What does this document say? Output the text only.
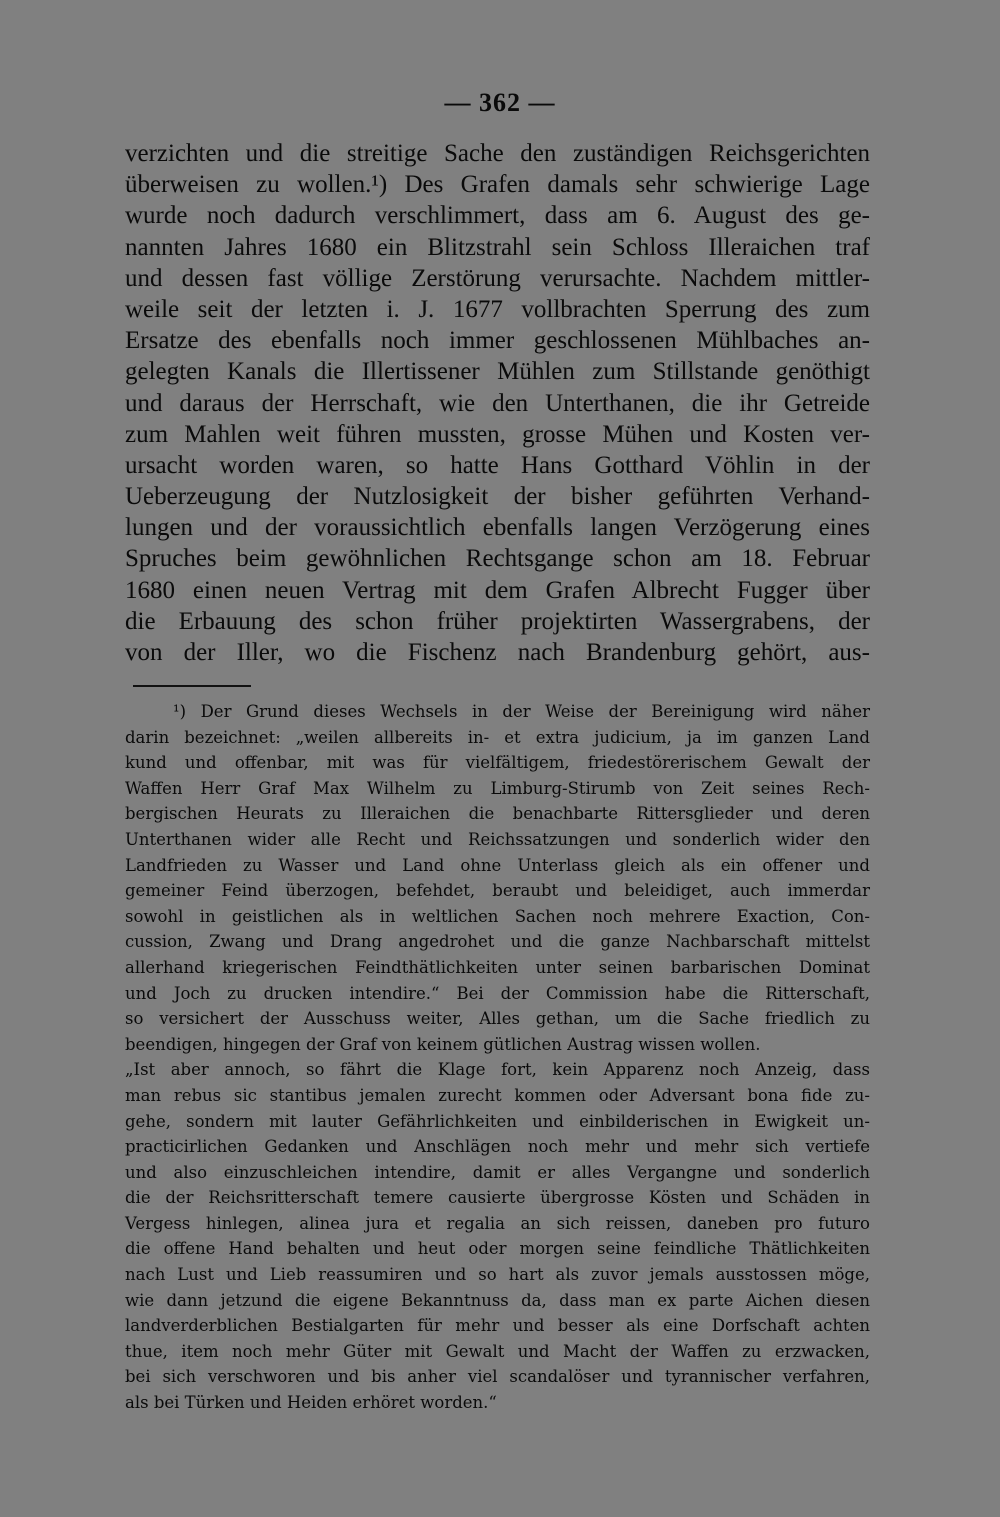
— 362 —
verzichten und die streitige Sache den zuständigen Reichsgerichten
überweisen zu wollen.¹) Des Grafen damals sehr schwierige Lage
wurde noch dadurch verschlimmert, dass am 6. August des ge-
nannten Jahres 1680 ein Blitzstrahl sein Schloss Illeraichen traf
und dessen fast völlige Zerstörung verursachte. Nachdem mittler-
weile seit der letzten i. J. 1677 vollbrachten Sperrung des zum
Ersatze des ebenfalls noch immer geschlossenen Mühlbaches an-
gelegten Kanals die Illertissener Mühlen zum Stillstande genöthigt
und daraus der Herrschaft, wie den Unterthanen, die ihr Getreide
zum Mahlen weit führen mussten, grosse Mühen und Kosten ver-
ursacht worden waren, so hatte Hans Gotthard Vöhlin in der
Ueberzeugung der Nutzlosigkeit der bisher geführten Verhand-
lungen und der voraussichtlich ebenfalls langen Verzögerung eines
Spruches beim gewöhnlichen Rechtsgange schon am 18. Februar
1680 einen neuen Vertrag mit dem Grafen Albrecht Fugger über
die Erbauung des schon früher projektirten Wassergrabens, der
von der Iller, wo die Fischenz nach Brandenburg gehört, aus-
¹) Der Grund dieses Wechsels in der Weise der Bereinigung wird näher
darin bezeichnet: „weilen allbereits in- et extra judicium, ja im ganzen Land
kund und offenbar, mit was für vielfältigem, friedestörerischem Gewalt der
Waffen Herr Graf Max Wilhelm zu Limburg-Stirumb von Zeit seines Rech-
bergischen Heurats zu Illeraichen die benachbarte Rittersglieder und deren
Unterthanen wider alle Recht und Reichssatzungen und sonderlich wider den
Landfrieden zu Wasser und Land ohne Unterlass gleich als ein offener und
gemeiner Feind überzogen, befehdet, beraubt und beleidiget, auch immerdar
sowohl in geistlichen als in weltlichen Sachen noch mehrere Exaction, Con-
cussion, Zwang und Drang angedrohet und die ganze Nachbarschaft mittelst
allerhand kriegerischen Feindthätlichkeiten unter seinen barbarischen Dominat
und Joch zu drucken intendire.“ Bei der Commission habe die Ritterschaft,
so versichert der Ausschuss weiter, Alles gethan, um die Sache friedlich zu
beendigen, hingegen der Graf von keinem gütlichen Austrag wissen wollen.
„Ist aber annoch, so fährt die Klage fort, kein Apparenz noch Anzeig, dass
man rebus sic stantibus jemalen zurecht kommen oder Adversant bona fide zu-
gehe, sondern mit lauter Gefährlichkeiten und einbilderischen in Ewigkeit un-
practicirlichen Gedanken und Anschlägen noch mehr und mehr sich vertiefe
und also einzuschleichen intendire, damit er alles Vergangne und sonderlich
die der Reichsritterschaft temere causierte übergrosse Kösten und Schäden in
Vergess hinlegen, alinea jura et regalia an sich reissen, daneben pro futuro
die offene Hand behalten und heut oder morgen seine feindliche Thätlichkeiten
nach Lust und Lieb reassumiren und so hart als zuvor jemals ausstossen möge,
wie dann jetzund die eigene Bekanntnuss da, dass man ex parte Aichen diesen
landverderblichen Bestialgarten für mehr und besser als eine Dorfschaft achten
thue, item noch mehr Güter mit Gewalt und Macht der Waffen zu erzwacken,
bei sich verschworen und bis anher viel scandalöser und tyrannischer verfahren,
als bei Türken und Heiden erhöret worden.“
